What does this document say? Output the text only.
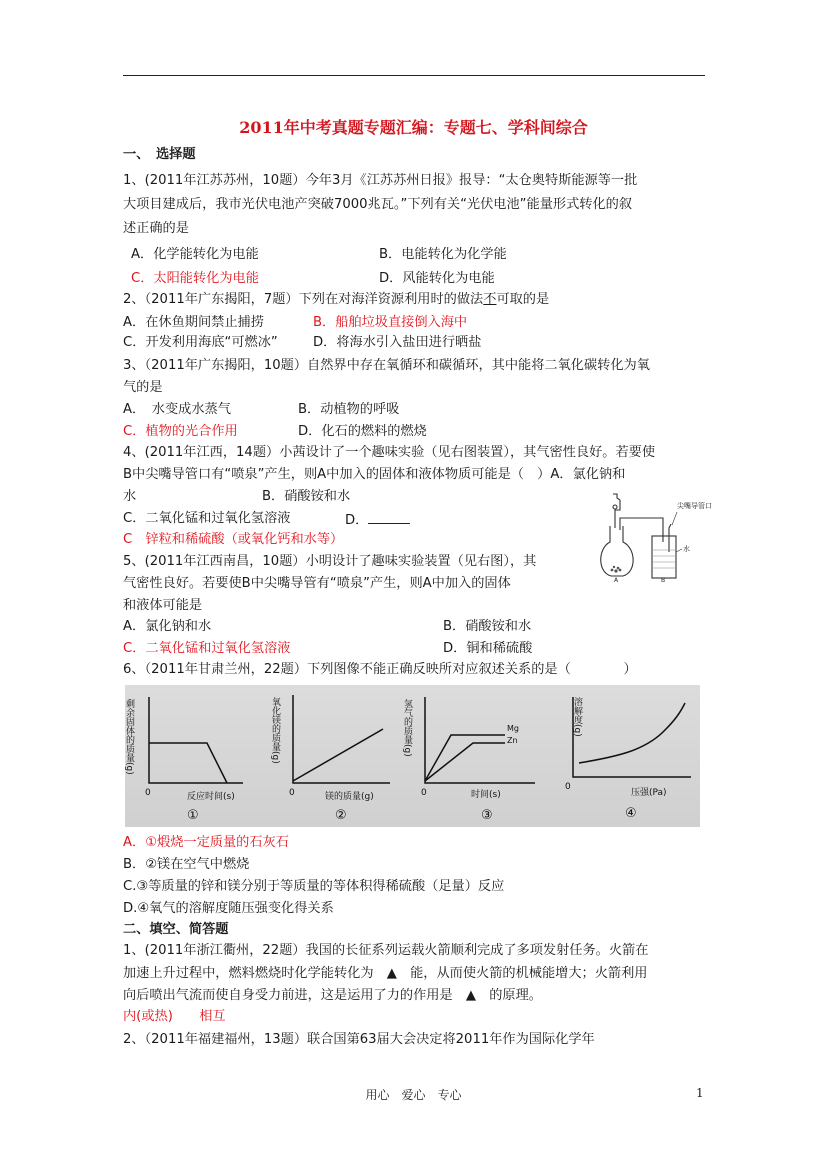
2011年中考真题专题汇编：专题七、学科间综合
一、　选择题
1、(2011年江苏苏州，10题）今年3月《江苏苏州日报》报导：“太仓奥特斯能源等一批
大项目建成后，我市光伏电池产突破7000兆瓦。”下列有关“光伏电池”能量形式转化的叙
述正确的是
A．化学能转化为电能	B．电能转化为化学能
C．太阳能转化为电能	D．风能转化为电能
2、（2011年广东揭阳，7题）下列在对海洋资源利用时的做法不可取的是
A．在休鱼期间禁止捕捞	B．船舶垃圾直接倒入海中
C．开发利用海底“可燃冰”	D．将海水引入盐田进行晒盐
3、（2011年广东揭阳，10题）自然界中存在氧循环和碳循环，其中能将二氧化碳转化为氧
气的是
A．　水变成水蒸气	B．动植物的呼吸
C．植物的光合作用	D．化石的燃料的燃烧
4、(2011年江西，14题）小茜设计了一个趣味实验（见右图装置），其气密性良好。若要使
B中尖嘴导管口有“喷泉”产生，则A中加入的固体和液体物质可能是（　）A．氯化钠和
水	B．硝酸铵和水
C．二氧化锰和过氧化氢溶液	D．
C　锌粒和稀硫酸（或氧化钙和水等）
尖嘴导管口
水
A	B
5、(2011年江西南昌，10题）小明设计了趣味实验装置（见右图），其
气密性良好。若要使B中尖嘴导管有“喷泉”产生，则A中加入的固体
和液体可能是
A．氯化钠和水	B．硝酸铵和水
C．二氧化锰和过氧化氢溶液	D．铜和稀硫酸
6、（2011年甘肃兰州，22题）下列图像不能正确反映所对应叙述关系的是（　　　　）
剩余固体的质量(g)
反应时间(s)
0
①
氧化镁的质量(g)
镁的质量(g)
0
②
氢气的质量(g)
时间(s)
0
Mg
Zn
③
溶解度(g)
压强(Pa)
0
④
A．①煅烧一定质量的石灰石
B．②镁在空气中燃烧
C.③等质量的锌和镁分别于等质量的等体积得稀硫酸（足量）反应
D.④氧气的溶解度随压强变化得关系
二、填空、简答题
1、(2011年浙江衢州，22题）我国的长征系列运载火箭顺利完成了多项发射任务。火箭在
加速上升过程中，燃料燃烧时化学能转化为　▲　能，从而使火箭的机械能增大；火箭利用
向后喷出气流而使自身受力前进，这是运用了力的作用是　▲　的原理。
内(或热)　　相互
2、（2011年福建福州，13题）联合国第63届大会决定将2011年作为国际化学年
用心　爱心　专心	1
